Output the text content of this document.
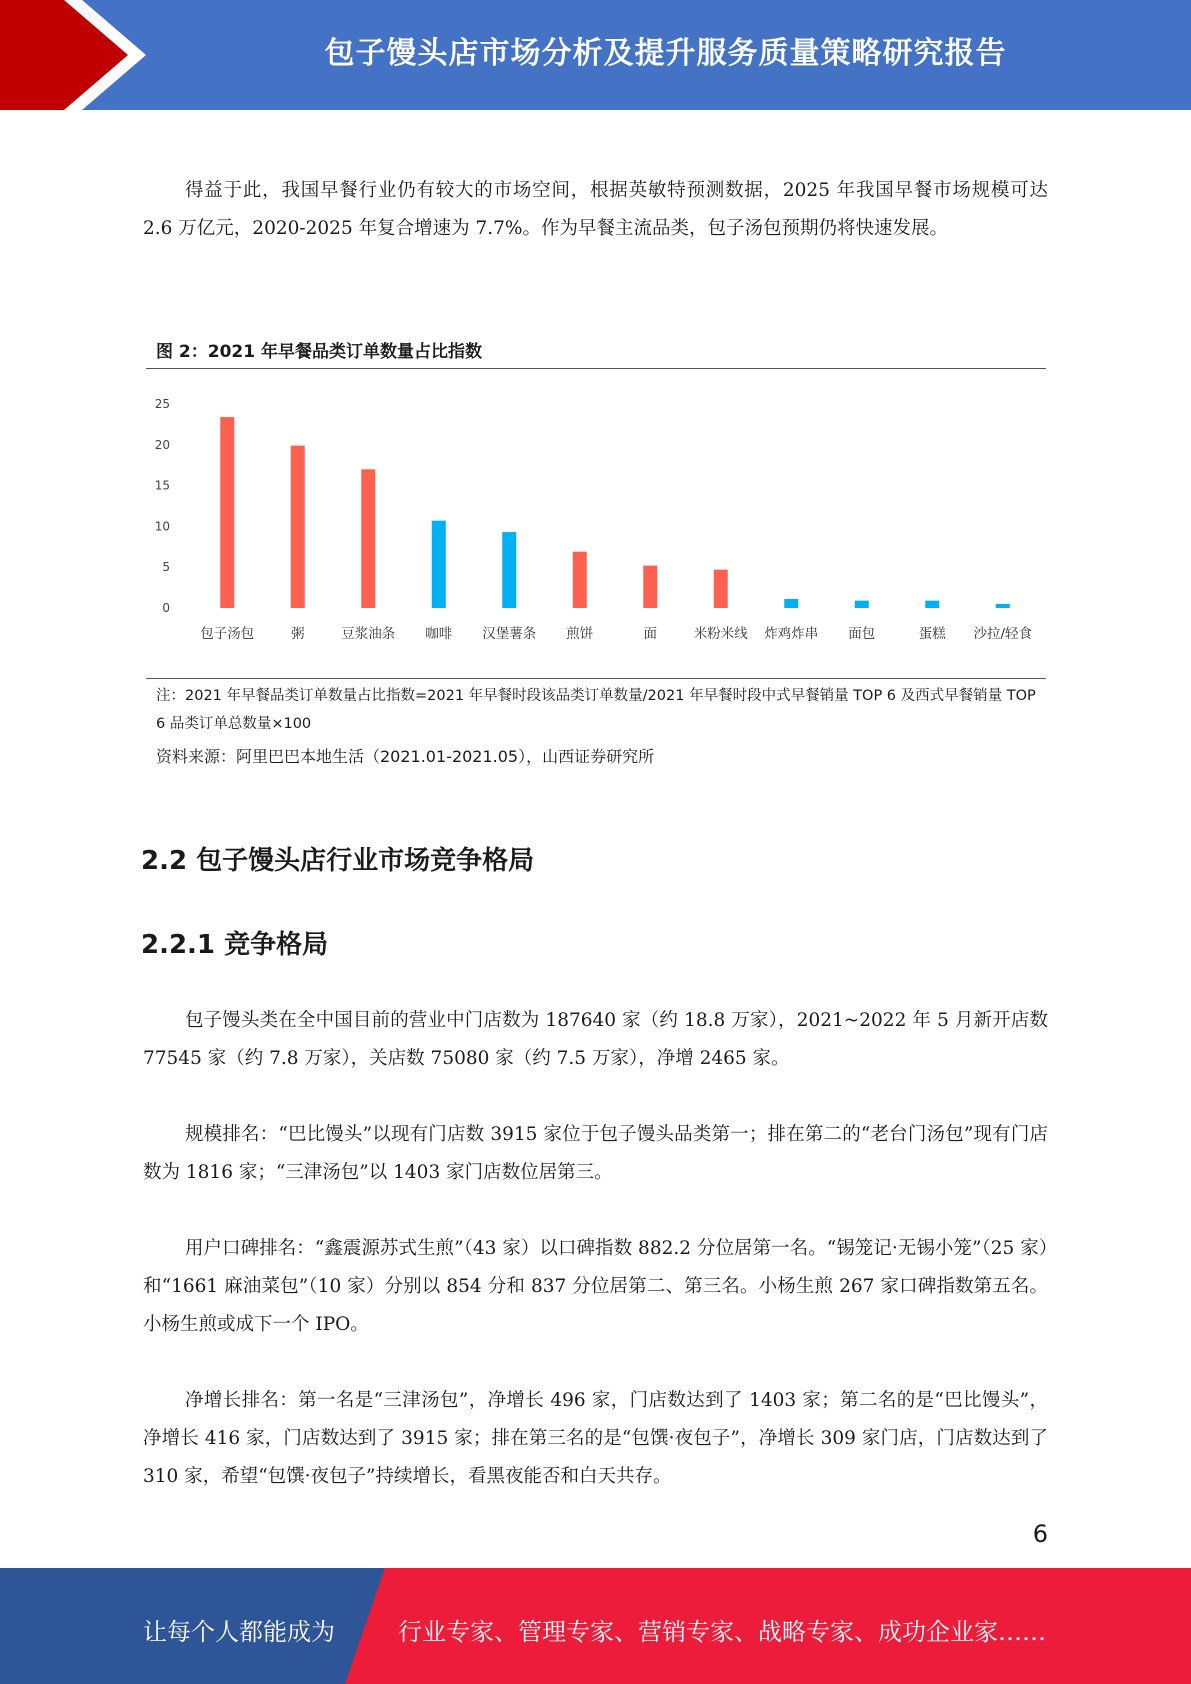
包子馒头店市场分析及提升服务质量策略研究报告

得益于此，我国早餐行业仍有较大的市场空间，根据英敏特预测数据，2025 年我国早餐市场规模可达 2.6 万亿元，2020-2025 年复合增速为 7.7%。作为早餐主流品类，包子汤包预期仍将快速发展。

图 2：2021 年早餐品类订单数量占比指数
0
5
10
15
20
25
包子汤包	粥	豆浆油条 咖啡 汉堡薯条 煎饼	面	米粉米线 炸鸡炸串 面包	蛋糕 沙拉/轻食

注：2021 年早餐品类订单数量占比指数=2021 年早餐时段该品类订单数量/2021 年早餐时段中式早餐销量 TOP 6 及西式早餐销量 TOP 6 品类订单总数量×100

资料来源：阿里巴巴本地生活（2021.01-2021.05），山西证券研究所
2.2 包子馒头店行业市场竞争格局
2.2.1 竞争格局

包子馒头类在全中国目前的营业中门店数为 187640 家（约 18.8 万家），2021~2022 年 5 月新开店数 77545 家（约 7.8 万家），关店数 75080 家（约 7.5 万家），净增 2465 家。

规模排名：“巴比馒头”以现有门店数 3915 家位于包子馒头品类第一；排在第二的“老台门汤包”现有门店数为 1816 家；“三津汤包”以 1403 家门店数位居第三。

用户口碑排名：“鑫震源苏式生煎”（43 家）以口碑指数 882.2 分位居第一名。“锡笼记·无锡小笼”（25 家）和“1661 麻油菜包”（10 家）分别以 854 分和 837 分位居第二、第三名。小杨生煎 267 家口碑指数第五名。小杨生煎或成下一个 IPO。

净增长排名：第一名是“三津汤包”，净增长 496 家，门店数达到了 1403 家；第二名的是“巴比馒头”，净增长 416 家，门店数达到了 3915 家；排在第三名的是“包馔·夜包子”，净增长 309 家门店，门店数达到了 310 家，希望“包馔·夜包子”持续增长，看黑夜能否和白天共存。

6
让每个人都能成为	行业专家、管理专家、营销专家、战略专家、成功企业家……
